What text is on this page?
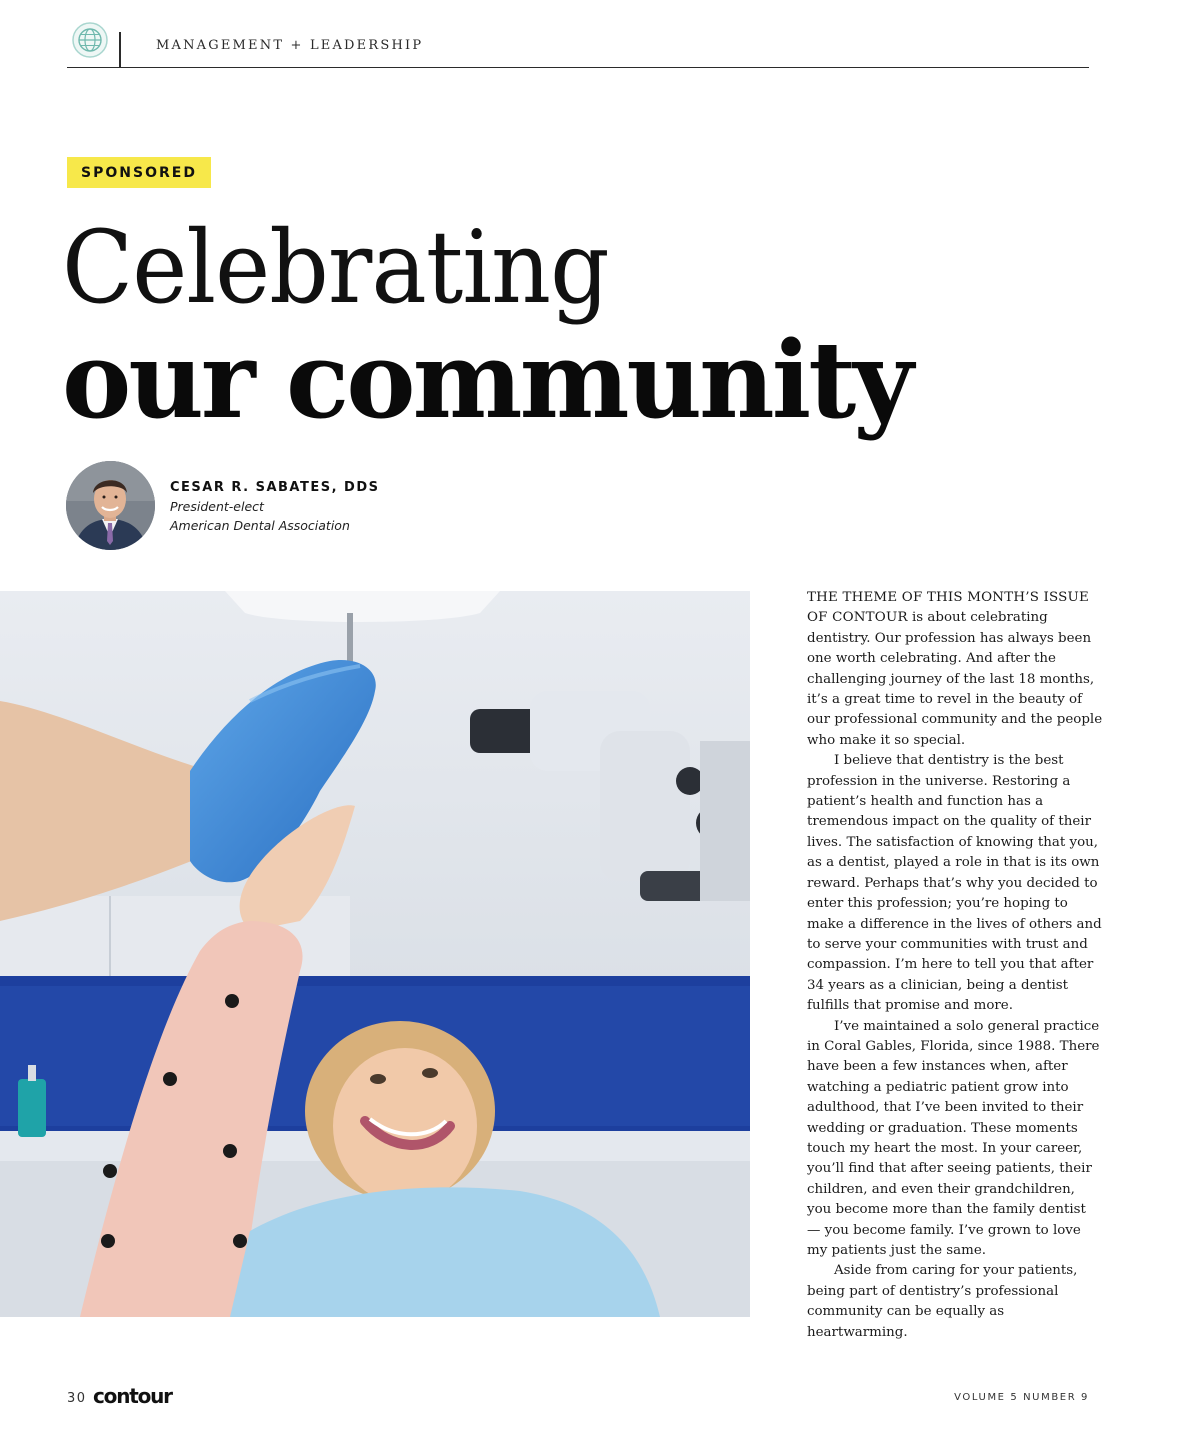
MANAGEMENT + LEADERSHIP
SPONSORED
Celebrating
our community
CESAR R. SABATES, DDS
President-elect
American Dental Association

THE THEME OF THIS MONTH’S ISSUE OF CONTOUR is about celebrating dentistry. Our profession has always been one worth celebrating. And after the challenging journey of the last 18 months, it’s a great time to revel in the beauty of our professional community and the people who make it so special.

I believe that dentistry is the best profession in the universe. Restoring a patient’s health and function has a tremendous impact on the quality of their lives. The satisfaction of knowing that you, as a dentist, played a role in that is its own reward. Perhaps that’s why you decided to enter this profession; you’re hoping to make a difference in the lives of others and to serve your communities with trust and compassion. I’m here to tell you that after 34 years as a clinician, being a dentist fulfills that promise and more.

I’ve maintained a solo general practice in Coral Gables, Florida, since 1988. There have been a few instances when, after watching a pediatric patient grow into adulthood, that I’ve been invited to their wedding or graduation. These moments touch my heart the most. In your career, you’ll find that after seeing patients, their children, and even their grandchildren, you become more than the family dentist — you become family. I’ve grown to love my patients just the same.

Aside from caring for your patients, being part of dentistry’s professional community can be equally as heartwarming.

30 contour	VOLUME 5 NUMBER 9
